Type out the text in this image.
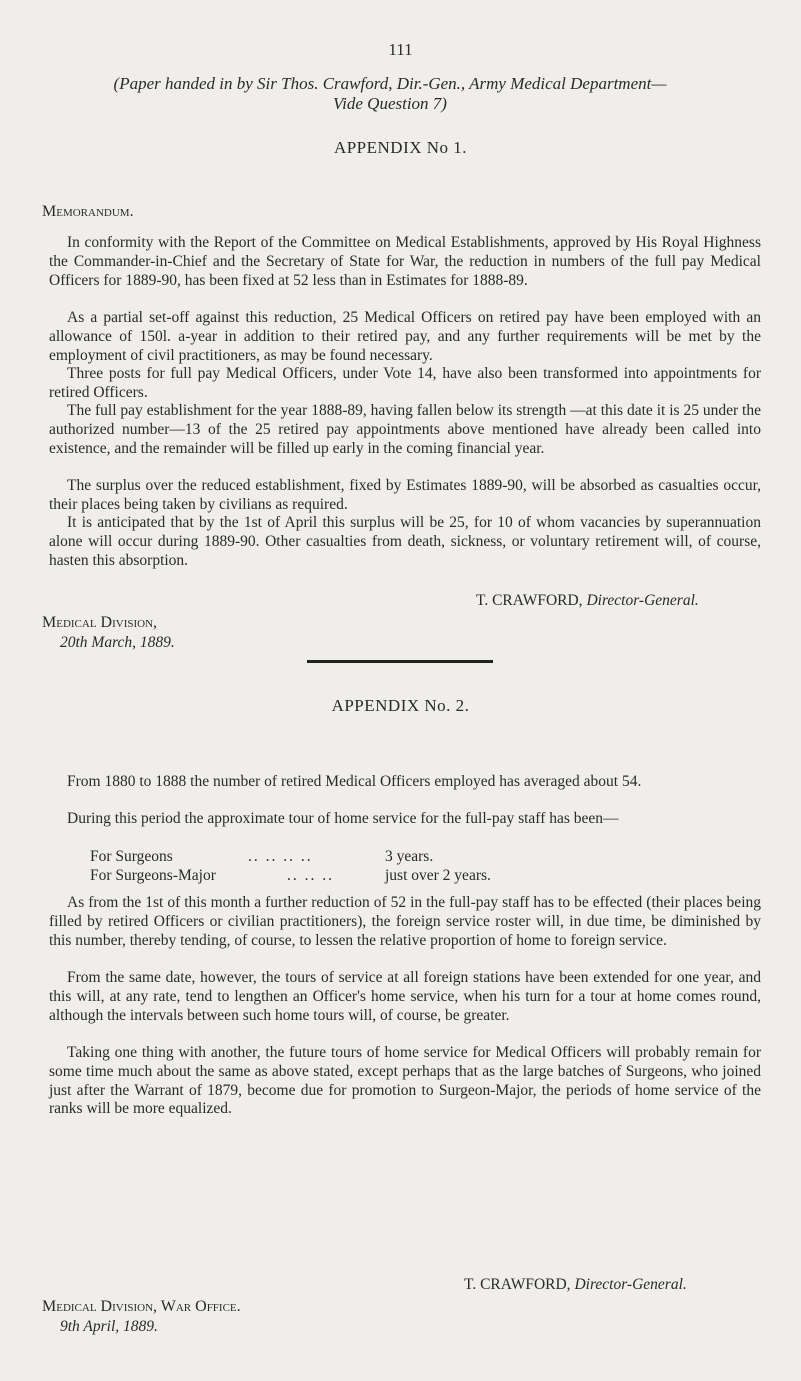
111
(Paper handed in by Sir Thos. Crawford, Dir.-Gen., Army Medical Department—
Vide Question 7)
APPENDIX No 1.
Memorandum.

In conformity with the Report of the Committee on Medical Establishments, approved by His Royal Highness the Commander-in-Chief and the Secretary of State for War, the reduction in numbers of the full pay Medical Officers for 1889-90, has been fixed at 52 less than in Estimates for 1888-89.

As a partial set-off against this reduction, 25 Medical Officers on retired pay have been employed with an allowance of 150l. a-year in addition to their retired pay, and any further requirements will be met by the employment of civil practitioners, as may be found necessary.

Three posts for full pay Medical Officers, under Vote 14, have also been transformed into appointments for retired Officers.

The full pay establishment for the year 1888-89, having fallen below its strength —at this date it is 25 under the authorized number—13 of the 25 retired pay appointments above mentioned have already been called into existence, and the remainder will be filled up early in the coming financial year.

The surplus over the reduced establishment, fixed by Estimates 1889-90, will be absorbed as casualties occur, their places being taken by civilians as required.

It is anticipated that by the 1st of April this surplus will be 25, for 10 of whom vacancies by superannuation alone will occur during 1889-90. Other casualties from death, sickness, or voluntary retirement will, of course, hasten this absorption.

T. CRAWFORD, Director-General.
Medical Division,
20th March, 1889.
APPENDIX No. 2.

From 1880 to 1888 the number of retired Medical Officers employed has averaged about 54.

During this period the approximate tour of home service for the full-pay staff has been—

For Surgeons	.. .. .. ..	3 years.
For Surgeons-Major	.. .. ..	just over 2 years.

As from the 1st of this month a further reduction of 52 in the full-pay staff has to be effected (their places being filled by retired Officers or civilian practitioners), the foreign service roster will, in due time, be diminished by this number, thereby tending, of course, to lessen the relative proportion of home to foreign service.

From the same date, however, the tours of service at all foreign stations have been extended for one year, and this will, at any rate, tend to lengthen an Officer's home service, when his turn for a tour at home comes round, although the intervals between such home tours will, of course, be greater.

Taking one thing with another, the future tours of home service for Medical Officers will probably remain for some time much about the same as above stated, except perhaps that as the large batches of Surgeons, who joined just after the Warrant of 1879, become due for promotion to Surgeon-Major, the periods of home service of the ranks will be more equalized.

T. CRAWFORD, Director-General.
Medical Division, War Office.
9th April, 1889.
